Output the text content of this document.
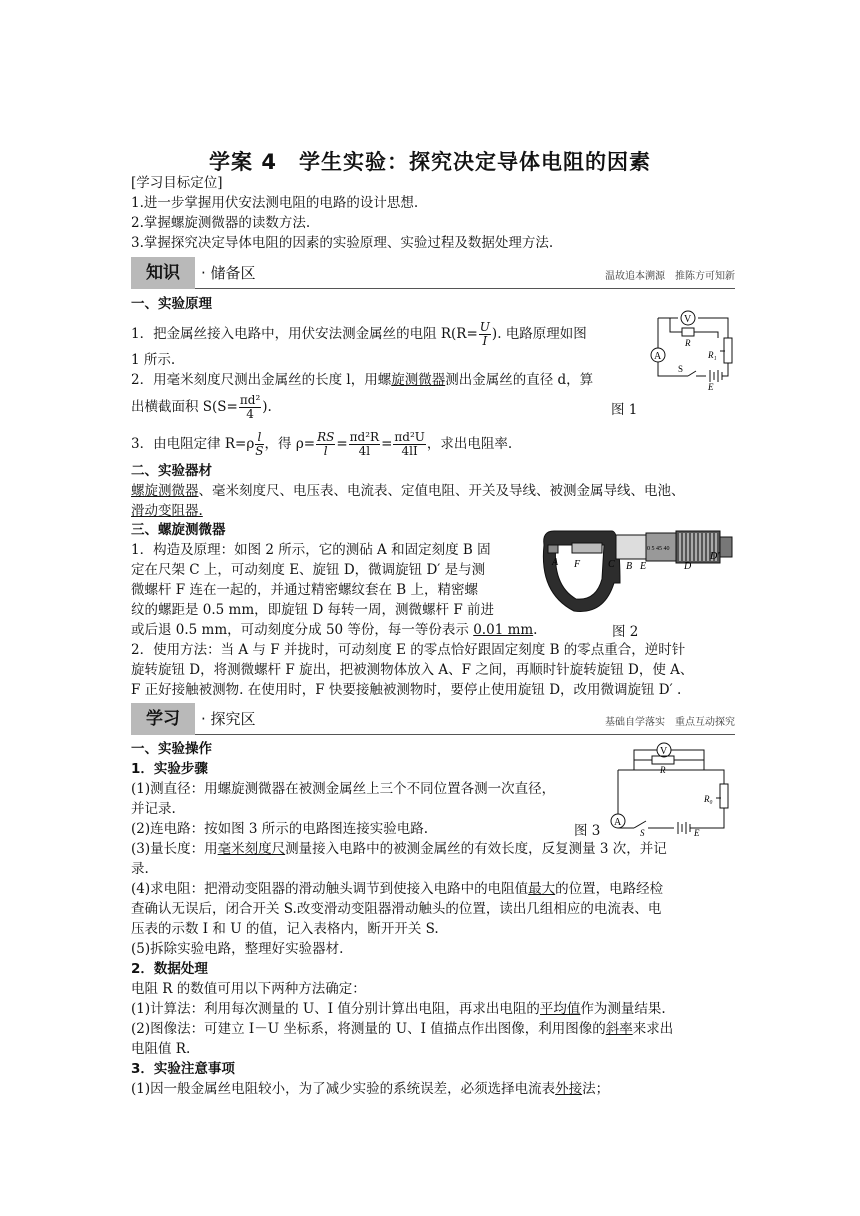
学案 4　学生实验：探究决定导体电阻的因素
[学习目标定位]
1.进一步掌握用伏安法测电阻的电路的设计思想.
2.掌握螺旋测微器的读数方法.
3.掌握探究决定导体电阻的因素的实验原理、实验过程及数据处理方法.
知识	· 储备区	温故追本溯源　推陈方可知新
一、实验原理
1．把金属丝接入电路中，用伏安法测金属丝的电阻 $R(R= \frac{U}{I}$ ). 电路原理如图
1 所示.
2．用毫米刻度尺测出金属丝的长度 l，用螺旋测微器测出金属丝的直径 d，算
出横截面积 $S(S= \frac{\text{πd²}}{4}$ ).	图 1
3．由电阻定律 $R=\rho \frac{l}{S}$ ，得 $\rho= \frac{RS}{l} = \frac{\text{πd²R}}{4l} = \frac{\text{πd²U}}{4lI}$ ，求出电阻率.
V
R
R₁
A
S
E
二、实验器材
螺旋测微器、毫米刻度尺、电压表、电流表、定值电阻、开关及导线、被测金属导线、电池、
滑动变阻器.
三、螺旋测微器
1．构造及原理：如图 2 所示，它的测砧 A 和固定刻度 B 固
定在尺架 C 上，可动刻度 E、旋钮 D，微调旋钮 D′ 是与测
微螺杆 F 连在一起的，并通过精密螺纹套在 B 上，精密螺
纹的螺距是 0.5 mm，即旋钮 D 每转一周，测微螺杆 F 前进
或后退 0.5 mm，可动刻度分成 50 等份，每一等份表示 0.01 mm.	图 2
0 5 45 40
A F	C B E	D
D'
2．使用方法：当 A 与 F 并拢时，可动刻度 E 的零点恰好跟固定刻度 B 的零点重合，逆时针
旋转旋钮 D，将测微螺杆 F 旋出，把被测物体放入 A、F 之间，再顺时针旋转旋钮 D，使 A、
F 正好接触被测物. 在使用时，F 快要接触被测物时，要停止使用旋钮 D，改用微调旋钮 D′ .
学习	· 探究区	基础自学落实　重点互动探究
一、实验操作
1．实验步骤
(1)测直径：用螺旋测微器在被测金属丝上三个不同位置各测一次直径，
并记录.
(2)连电路：按如图 3 所示的电路图连接实验电路.	图 3
V
R
R₀
A
S	E
(3)量长度：用毫米刻度尺测量接入电路中的被测金属丝的有效长度，反复测量 3 次，并记
录.
(4)求电阻：把滑动变阻器的滑动触头调节到使接入电路中的电阻值最大的位置，电路经检
查确认无误后，闭合开关 S.改变滑动变阻器滑动触头的位置，读出几组相应的电流表、电
压表的示数 I 和 U 的值，记入表格内，断开开关 S.
(5)拆除实验电路，整理好实验器材.
2．数据处理
电阻 R 的数值可用以下两种方法确定：
(1)计算法：利用每次测量的 U、I 值分别计算出电阻，再求出电阻的平均值作为测量结果.
(2)图像法：可建立 I－U 坐标系，将测量的 U、I 值描点作出图像，利用图像的斜率来求出
电阻值 R.
3．实验注意事项
(1)因一般金属丝电阻较小，为了减少实验的系统误差，必须选择电流表外接法；
